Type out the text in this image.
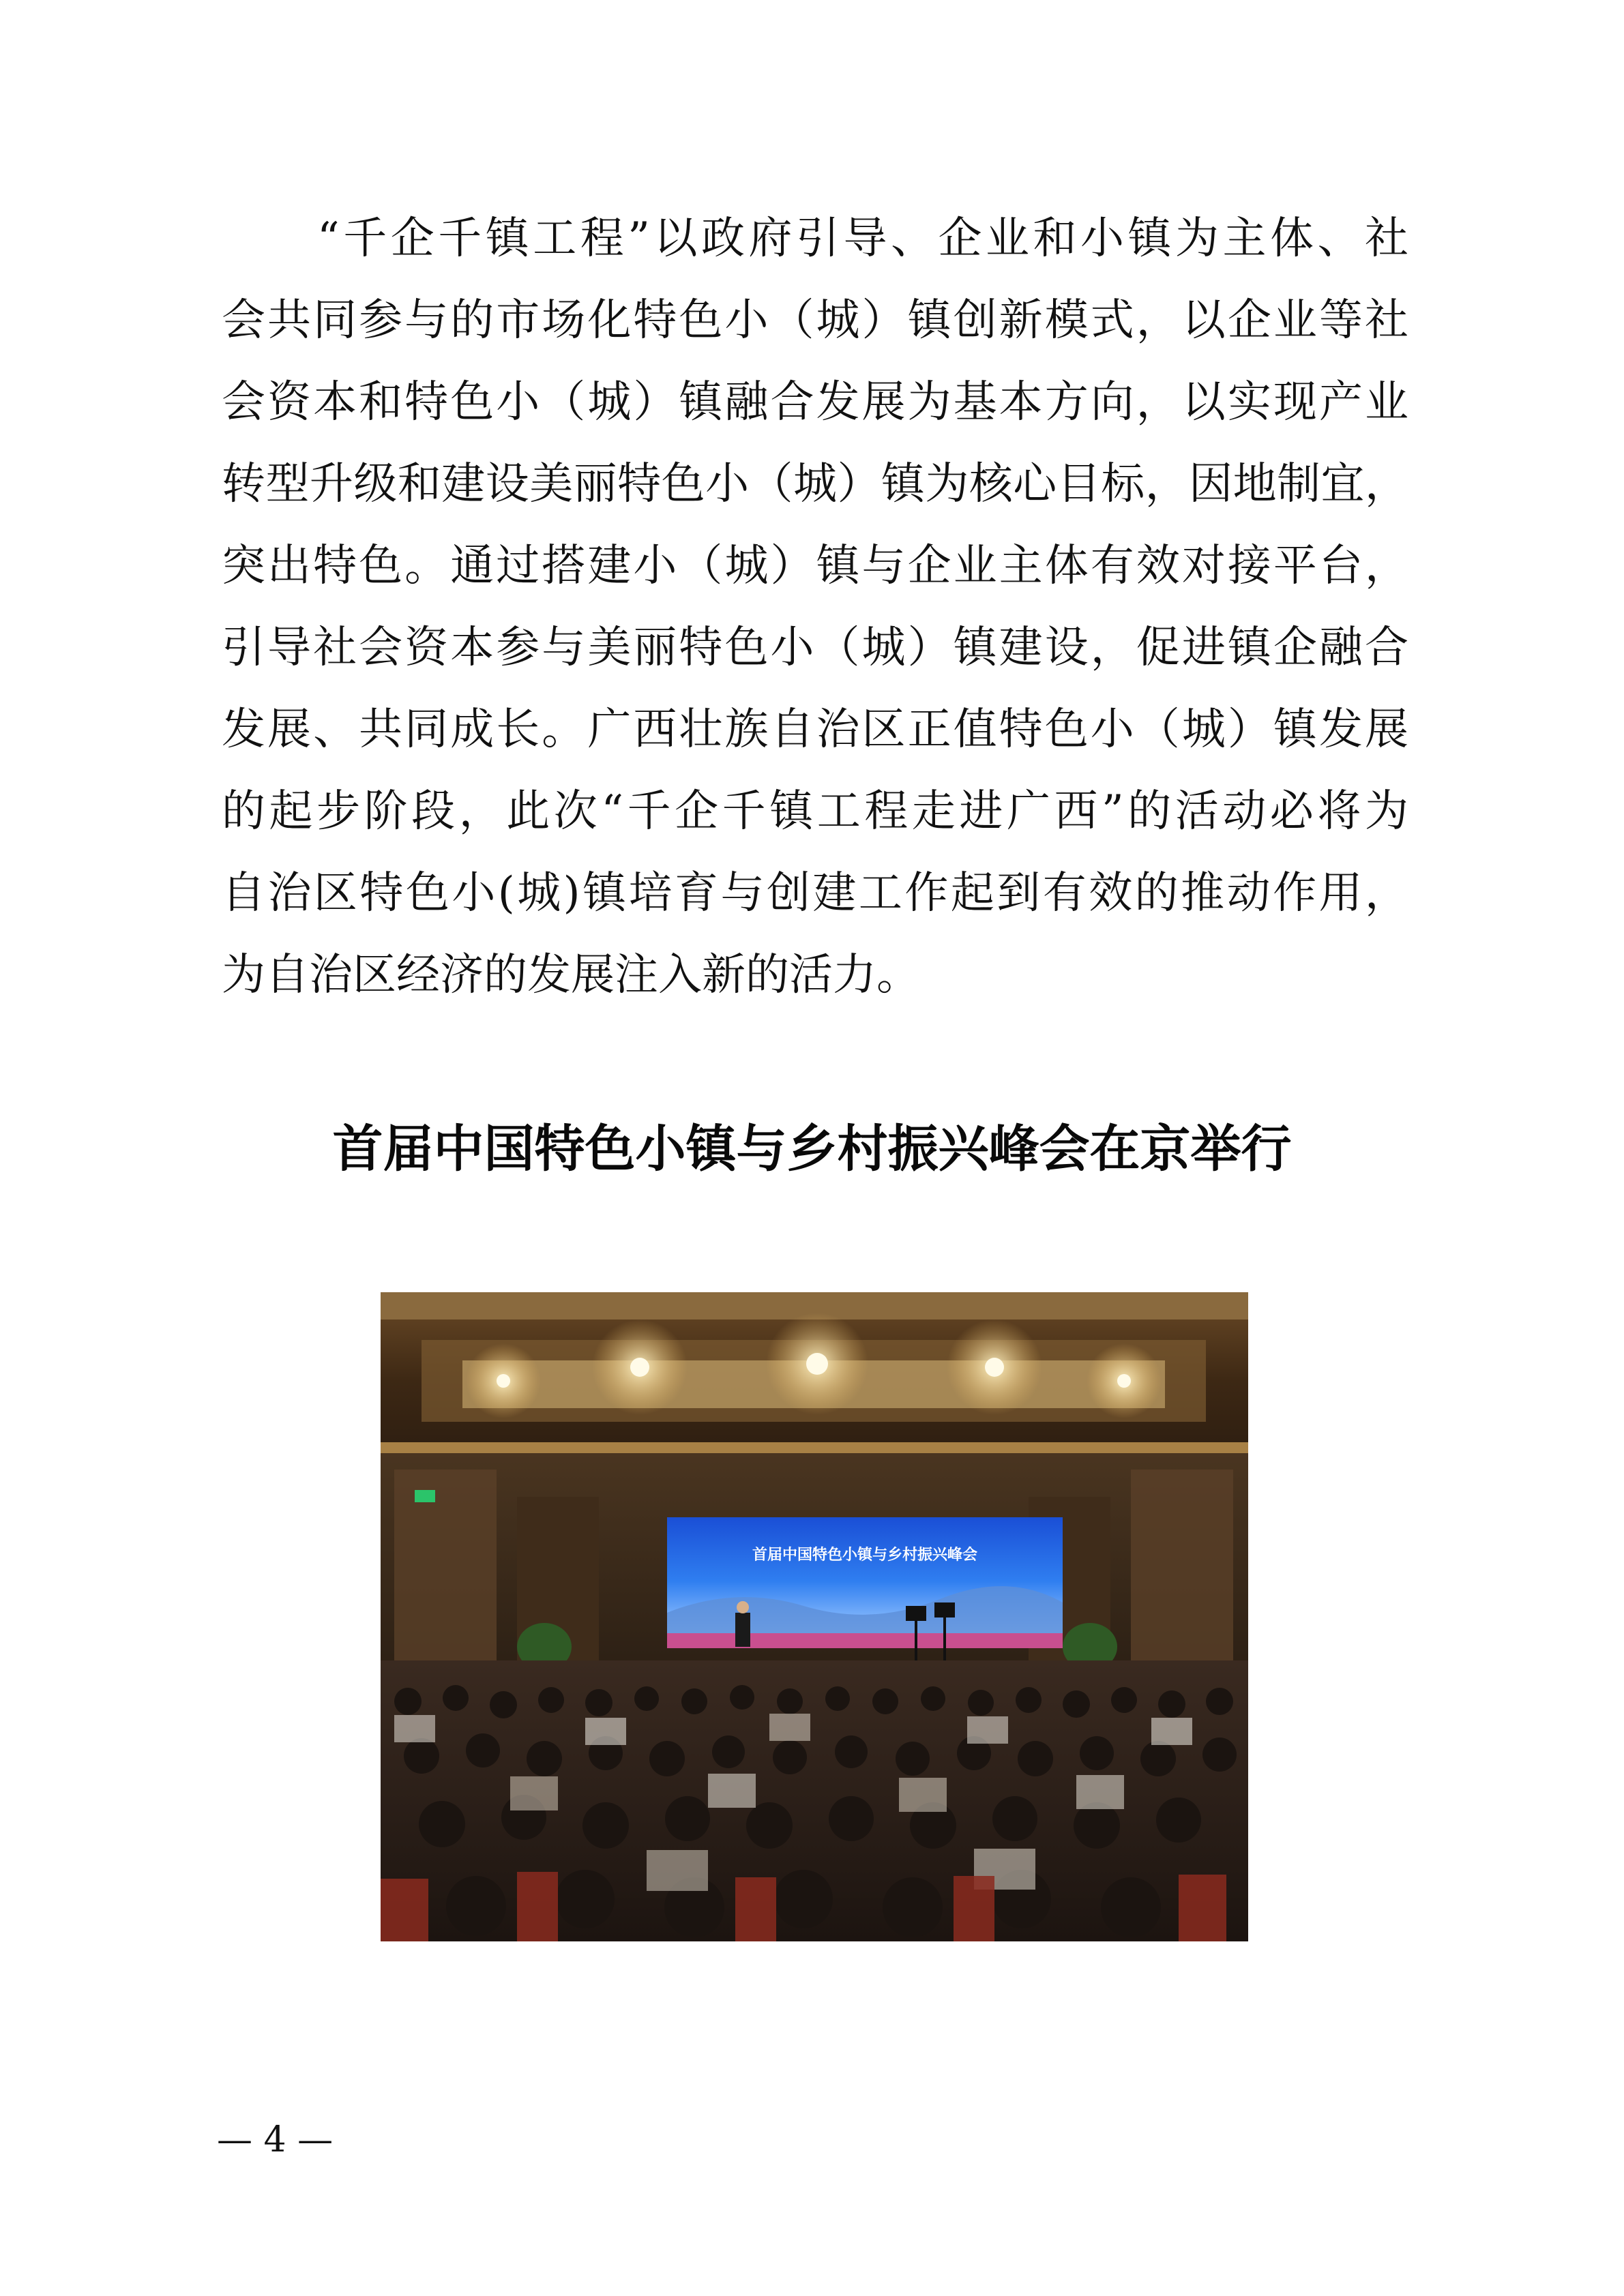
“千企千镇工程”以政府引导、企业和小镇为主体、社
会共同参与的市场化特色小（城）镇创新模式，以企业等社
会资本和特色小（城）镇融合发展为基本方向，以实现产业
转型升级和建设美丽特色小（城）镇为核心目标，因地制宜，
突出特色。通过搭建小（城）镇与企业主体有效对接平台，
引导社会资本参与美丽特色小（城）镇建设，促进镇企融合
发展、共同成长。广西壮族自治区正值特色小（城）镇发展
的起步阶段，此次“千企千镇工程走进广西”的活动必将为
自治区特色小(城)镇培育与创建工作起到有效的推动作用，
为自治区经济的发展注入新的活力。
首届中国特色小镇与乡村振兴峰会在京举行
首届中国特色小镇与乡村振兴峰会
— 4 —
